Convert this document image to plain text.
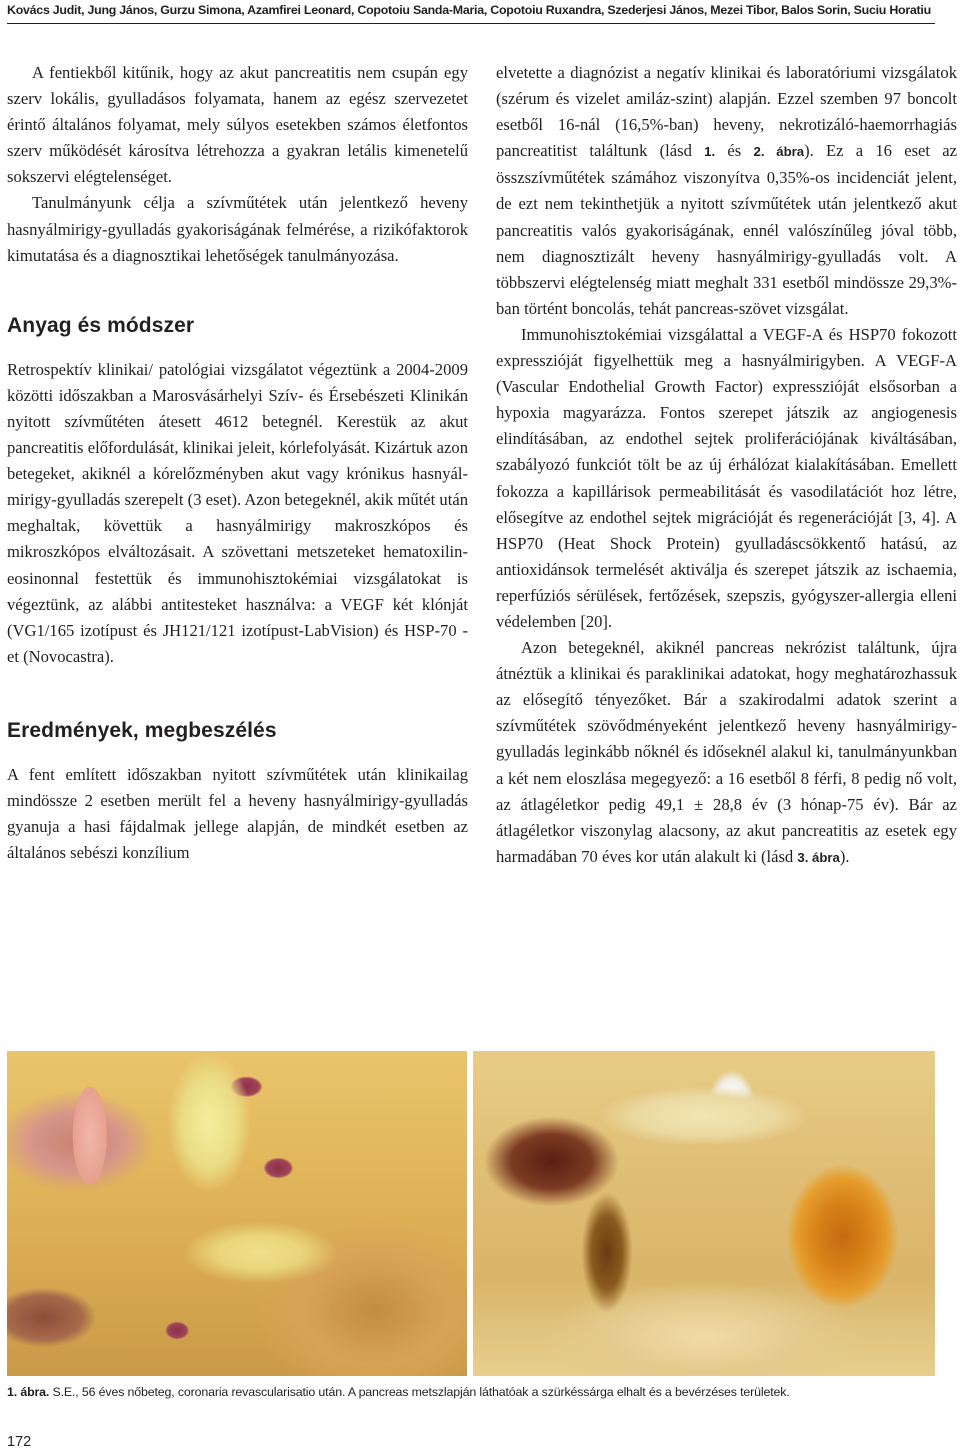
Kovács Judit, Jung János, Gurzu Simona, Azamfirei Leonard, Copotoiu Sanda-Maria, Copotoiu Ruxandra, Szederjesi János, Mezei Tibor, Balos Sorin, Suciu Horatiu

A fentiekből kitűnik, hogy az akut pancreatitis nem csupán egy szerv lokális, gyulladásos folyamata, hanem az egész szervezetet érintő általános folyamat, mely súlyos esetekben számos életfontos szerv működését károsítva létrehozza a gyakran letális kimenetelű sokszervi elégtelenséget.

Tanulmányunk célja a szívműtétek után jelentkező heveny hasnyálmirigy-gyulladás gyakoriságának felmérése, a rizikófaktorok kimutatása és a diagnosztikai lehetőségek tanulmányozása.

Anyag és módszer

Retrospektív klinikai/ patológiai vizsgálatot végeztünk a 2004-2009 közötti időszakban a Marosvásárhelyi Szív- és Érsebészeti Klinikán nyitott szívműtéten átesett 4612 betegnél. Kerestük az akut pancreatitis előfordulását, klinikai jeleit, kórlefolyását. Kizártuk azon betegeket, akiknél a kórelőzményben akut vagy krónikus hasnyálmirigy-gyulladás szerepelt (3 eset). Azon betegeknél, akik műtét után meghaltak, követtük a hasnyálmirigy makroszkópos és mikroszkópos elváltozásait. A szövettani metszeteket hematoxilin-eosinonnal festettük és immunohisztokémiai vizsgálatokat is végeztünk, az alábbi antitesteket használva: a VEGF két klónját (VG1/165 izotípust és JH121/121 izotípust-LabVision) és HSP-70 -et (Novocastra).

Eredmények, megbeszélés

A fent említett időszakban nyitott szívműtétek után klinikailag mindössze 2 esetben merült fel a heveny hasnyálmirigy-gyulladás gyanuja a hasi fájdalmak jellege alapján, de mindkét esetben az általános sebészi konzílium

elvetette a diagnózist a negatív klinikai és laboratóriumi vizsgálatok (szérum és vizelet amiláz-szint) alapján. Ezzel szemben 97 boncolt esetből 16-nál (16,5%-ban) heveny, nekrotizáló-haemorrhagiás pancreatitist találtunk (lásd 1. és 2. ábra). Ez a 16 eset az összszívműtétek számához viszonyítva 0,35%-os incidenciát jelent, de ezt nem tekinthetjük a nyitott szívműtétek után jelentkező akut pancreatitis valós gyakoriságának, ennél valószínűleg jóval több, nem diagnosztizált heveny hasnyálmirigy-gyulladás volt. A többszervi elégtelenség miatt meghalt 331 esetből mindössze 29,3%-ban történt boncolás, tehát pancreas-szövet vizsgálat.

Immunohisztokémiai vizsgálattal a VEGF-A és HSP70 fokozott expresszióját figyelhettük meg a hasnyálmirigyben. A VEGF-A (Vascular Endothelial Growth Factor) expresszióját elsősorban a hypoxia magyarázza. Fontos szerepet játszik az angiogenesis elindításában, az endothel sejtek proliferációjának kiváltásában, szabályozó funkciót tölt be az új érhálózat kialakításában. Emellett fokozza a kapillárisok permeabilitását és vasodilatációt hoz létre, elősegítve az endothel sejtek migrációját és regenerációját [3, 4]. A HSP70 (Heat Shock Protein) gyulladáscsökkentő hatású, az antioxidánsok termelését aktiválja és szerepet játszik az ischaemia, reperfúziós sérülések, fertőzések, szepszis, gyógyszer-allergia elleni védelemben [20].

Azon betegeknél, akiknél pancreas nekrózist találtunk, újra átnéztük a klinikai és paraklinikai adatokat, hogy meghatározhassuk az elősegítő tényezőket. Bár a szakirodalmi adatok szerint a szívműtétek szövődményeként jelentkező heveny hasnyálmirigy-gyulladás leginkább nőknél és időseknél alakul ki, tanulmányunkban a két nem eloszlása megegyező: a 16 esetből 8 férfi, 8 pedig nő volt, az átlagéletkor pedig 49,1 ± 28,8 év (3 hónap-75 év). Bár az átlagéletkor viszonylag alacsony, az akut pancreatitis az esetek egy harmadában 70 éves kor után alakult ki (lásd 3. ábra).

1. ábra. S.E., 56 éves nőbeteg, coronaria revascularisatio után. A pancreas metszlapján láthatóak a szürkéssárga elhalt és a bevérzéses területek.
172
